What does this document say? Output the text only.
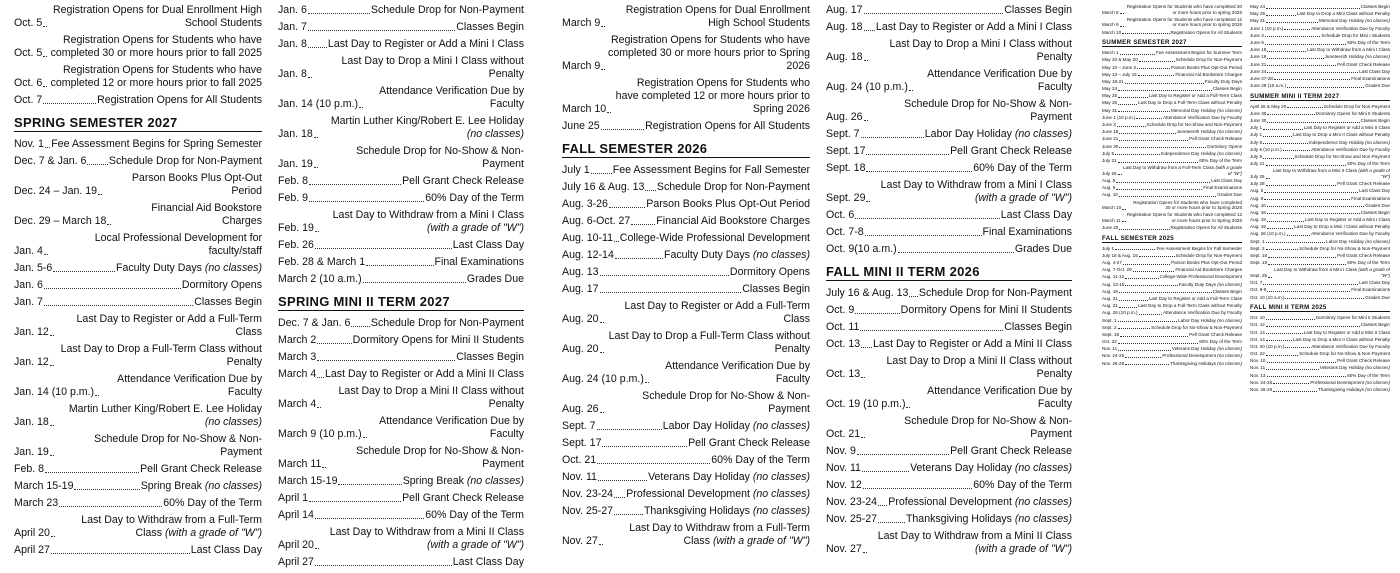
Oct. 5
Registration Opens for Dual Enrollment High School Students
Oct. 5
Registration Opens for Students who have completed 30 or more hours prior to fall 2025
Oct. 6
Registration Opens for Students who have completed 12 or more hours prior to fall 2025
Oct. 7	Registration Opens for All Students
SPRING SEMESTER 2027
Nov. 1 Fee Assessment Begins for Spring Semester
Dec. 7 & Jan. 6 Schedule Drop for Non-Payment
Dec. 24 – Jan. 19
Parson Books Plus Opt-Out Period
Dec. 29 – March 18
Financial Aid Bookstore Charges
Jan. 4
Local Professional Development for faculty/staff
Jan. 5-6	Faculty Duty Days (no classes)
Jan. 6	Dormitory Opens
Jan. 7	Classes Begin
Jan. 12
Last Day to Register or Add a Full-Term Class
Jan. 12
Last Day to Drop a Full-Term Class without Penalty
Jan. 14 (10 p.m.)
Attendance Verification Due by Faculty
Jan. 18
Martin Luther King/Robert E. Lee Holiday (no classes)
Jan. 19
Schedule Drop for No-Show & Non-Payment
Feb. 8	Pell Grant Check Release
March 15-19	Spring Break (no classes)
March 23	60% Day of the Term
April 20
Last Day to Withdraw from a Full-Term Class (with a grade of "W")
April 27	Last Class Day
Jan. 6	Schedule Drop for Non-Payment
Jan. 7	Classes Begin
Jan. 8 Last Day to Register or Add a Mini I Class
Jan. 8
Last Day to Drop a Mini I Class without Penalty
Jan. 14 (10 p.m.)
Attendance Verification Due by Faculty
Jan. 18
Martin Luther King/Robert E. Lee Holiday (no classes)
Jan. 19
Schedule Drop for No-Show & Non-Payment
Feb. 8	Pell Grant Check Release
Feb. 9	60% Day of the Term
Feb. 19
Last Day to Withdraw from a Mini I Class (with a grade of "W")
Feb. 26	Last Class Day
Feb. 28 & March 1	Final Examinations
March 2 (10 a.m.)	Grades Due
SPRING MINI II TERM 2027
Dec. 7 & Jan. 6 Schedule Drop for Non-Payment
March 2	Dormitory Opens for Mini II Students
March 3	Classes Begin
March 4 Last Day to Register or Add a Mini II Class
March 4
Last Day to Drop a Mini II Class without Penalty
March 9 (10 p.m.)
Attendance Verification Due by Faculty
March 11
Schedule Drop for No-Show & Non-Payment
March 15-19	Spring Break (no classes)
April 1	Pell Grant Check Release
April 14	60% Day of the Term
April 20
Last Day to Withdraw from a Mini II Class (with a grade of "W")
April 27	Last Class Day
March 9
Registration Opens for Dual Enrollment High School Students
March 9
Registration Opens for Students who have completed 30 or more hours prior to Spring 2026
March 10
Registration Opens for Students who have completed 12 or more hours prior to Spring 2026
June 25	Registration Opens for All Students
FALL SEMESTER 2026
July 1 Fee Assessment Begins for Fall Semester
July 16 & Aug. 13 Schedule Drop for Non-Payment
Aug. 3-26	Parson Books Plus Opt-Out Period
Aug. 6-Oct. 27 Financial Aid Bookstore Charges
Aug. 10-11 College-Wide Professional Development
Aug. 12-14	Faculty Duty Days (no classes)
Aug. 13	Dormitory Opens
Aug. 17	Classes Begin
Aug. 20
Last Day to Register or Add a Full-Term Class
Aug. 20
Last Day to Drop a Full-Term Class without Penalty
Aug. 24 (10 p.m.)
Attendance Verification Due by Faculty
Aug. 26
Schedule Drop for No-Show & Non-Payment
Sept. 7	Labor Day Holiday (no classes)
Sept. 17	Pell Grant Check Release
Oct. 21	60% Day of the Term
Nov. 11	Veterans Day Holiday (no classes)
Nov. 23-24 Professional Development (no classes)
Nov. 25-27	Thanksgiving Holidays (no classes)
Nov. 27
Last Day to Withdraw from a Full-Term Class (with a grade of "W")
Aug. 17	Classes Begin
Aug. 18 Last Day to Register or Add a Mini I Class
Aug. 18
Last Day to Drop a Mini I Class without Penalty
Aug. 24 (10 p.m.)
Attendance Verification Due by Faculty
Aug. 26
Schedule Drop for No-Show & Non-Payment
Sept. 7	Labor Day Holiday (no classes)
Sept. 17	Pell Grant Check Release
Sept. 18	60% Day of the Term
Sept. 29
Last Day to Withdraw from a Mini I Class (with a grade of "W")
Oct. 6	Last Class Day
Oct. 7-8	Final Examinations
Oct. 9(10 a.m.)	Grades Due
FALL MINI II TERM 2026
July 16 & Aug. 13 Schedule Drop for Non-Payment
Oct. 9	Dormitory Opens for Mini II Students
Oct. 11	Classes Begin
Oct. 13 Last Day to Register or Add a Mini II Class
Oct. 13
Last Day to Drop a Mini II Class without Penalty
Oct. 19 (10 p.m.)
Attendance Verification Due by Faculty
Oct. 21
Schedule Drop for No-Show & Non-Payment
Nov. 9	Pell Grant Check Release
Nov. 11	Veterans Day Holiday (no classes)
Nov. 12	60% Day of the Term
Nov. 23-24 Professional Development (no classes)
Nov. 25-27	Thanksgiving Holidays (no classes)
Nov. 27
Last Day to Withdraw from a Mini II Class (with a grade of "W")
March 8
Registration Opens for Students who have completed 30 or more hours prior to spring 2026
March 9
Registration Opens for Students who have completed 12 or more hours prior to spring 2026
March 10	Registration Opens for All Students
SUMMER SEMESTER 2027
March 1	Fee Assessment Begins for Summer Term
May 20 & May 20	Schedule Drop for Non-Payment
May 10 – June 3	Parson Books Plus Opt-Out Period
May 13 – July 15	Financial Aid Bookstore Charges
May 18-21	Faculty Duty Days
May 24	Classes Begin
May 25	Last Day to Register or Add a Full-Term Class
May 25	Last Day to Drop a Full-Term Class without Penalty
May 31	Memorial Day Holiday (no classes)
June 1 (10 p.m.)	Attendance Verification Due by Faculty
June 3	Schedule Drop for No-Show and Non-Payment
June 18	Juneteenth Holiday (no classes)
June 21	Pell Grant Check Release
June 30	Dormitory Opens
July 5	Independence Day Holiday (no classes)
July 21	60% Day of the Term
July 26
Last Day to Withdraw from a Full-Term Class (with a grade of "W")
Aug. 5	Last Class Day
Aug. 9	Final Examinations
Aug. 10	Grades Due
March 10
Registration Opens for Students who have completed 30 or more hours prior to Spring 2026
March 11
Registration Opens for Students who have completed 12 or more hours prior to Spring 2026
June 20	Registration Opens for All Students
FALL SEMESTER 2025
July 1	Fee Assessment Begins for Fall Semester
July 18 & Aug. 15	Schedule Drop for Non-Payment
Aug. 4-27	Parson Books Plus Opt-Out Period
Aug. 7-Oct. 28	Financial Aid Bookstore Charges
Aug. 11-12	College-Wide Professional Development
Aug. 13-15	Faculty Duty Days (no classes)
Aug. 18	Classes Begin
Aug. 21	Last Day to Register or Add a Full-Term Class
Aug. 21	Last Day to Drop a Full-Term Class without Penalty
Aug. 26 (10 p.m.)	Attendance Verification Due by Faculty
Sept. 1	Labor Day Holiday (no classes)
Sept. 2	Schedule Drop for No-Show & Non-Payment
Sept. 18	Pell Grant Check Release
Oct. 22	60% Day of the Term
Nov. 11	Veterans Day Holiday (no classes)
Nov. 24-25	Professional Development (no classes)
Nov. 26-28	Thanksgiving Holidays (no classes)
May 24	Classes Begin
May 25	Last Day to Drop a Mini Class without Penalty
May 31	Memorial Day Holiday (no classes)
June 1 (10 p.m.)	Attendance Verification Due by Faculty
June 3	Schedule Drop for Mini I Students
June 9	60% Day of the Term
June 18	Last Day to Withdraw from a Mini I Class
June 18	Juneteenth Holiday (no classes)
June 21	Pell Grant Check Release
June 24	Last Class Day
June 27-28	Final Examinations
June 29 (10 a.m.)	Grades Due
SUMMER MINI II TERM 2027
April 26 & May 20	Schedule Drop for Non-Payment
June 30	Dormitory Opens for Mini II Students
June 30	Classes Begin
July 1	Last Day to Register or Add a Mini II Class
July 1	Last Day to Drop a Mini II Class without Penalty
July 5	Independence Day Holiday (no classes)
July 6 (10 p.m.)	Attendance Verification Due by Faculty
July 8	Schedule Drop for No-Show and Non-Payment
July 21	60% Day of the Term
July 26
Last Day to Withdraw from a Mini II Class (with a grade of "W")
July 28	Pell Grant Check Release
Aug. 5	Last Class Day
Aug. 9	Final Examinations
Aug. 10	Grades Due
Aug. 18	Classes Begin
Aug. 19	Last Day to Register or Add a Mini I Class
Aug. 19	Last Day to Drop a Mini I Class without Penalty
Aug. 26 (10 p.m.)	Attendance Verification Due by Faculty
Sept. 1	Labor Day Holiday (no classes)
Sept. 2	Schedule Drop for No-Show & Non-Payment
Sept. 18	Pell Grant Check Release
Sept. 19	60% Day of the Term
Sept. 25
Last Day to Withdraw from a Mini I Class (with a grade of "W")
Oct. 7	Last Class Day
Oct. 8-9	Final Examinations
Oct. 10 (10 a.m.)	Grades Due
FALL MINI II TERM 2025
Oct. 10	Dormitory Opens for Mini II Students
Oct. 12	Classes Begin
Oct. 14	Last Day to Register or Add a Mini II Class
Oct. 14	Last Day to Drop a Mini II Class without Penalty
Oct. 20 (10 p.m.)	Attendance Verification Due by Faculty
Oct. 22	Schedule Drop for No-Show & Non-Payment
Nov. 10	Pell Grant Check Release
Nov. 11	Veterans Day Holiday (no classes)
Nov. 13	60% Day of the Term
Nov. 24-25	Professional Development (no classes)
Nov. 26-28	Thanksgiving Holidays (no classes)
